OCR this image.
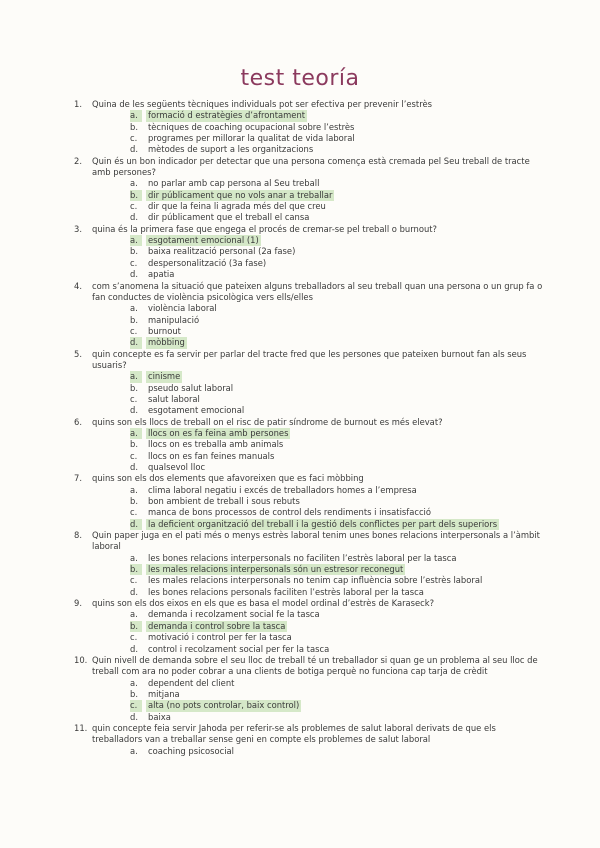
test teoría
1.	Quina de les següents tècniques individuals pot ser efectiva per prevenir l’estrès
a.	formació d estratègies d’afrontament
b.	tècniques de coaching ocupacional sobre l’estrès
c.	programes per millorar la qualitat de vida laboral
d.	mètodes de suport a les organitzacions
2.	Quin és un bon indicador per detectar que una persona comença està cremada pel Seu treball de tracte amb persones?
a.	no parlar amb cap persona al Seu treball
b.	dir públicament que no vols anar a treballar
c.	dir que la feina li agrada més del que creu
d.	dir públicament que el treball el cansa
3.	quina és la primera fase que engega el procés de cremar-se pel treball o burnout?
a.	esgotament emocional (1)
b.	baixa realització personal (2a fase)
c.	despersonalització (3a fase)
d.	apatia
4.	com s’anomena la situació que pateixen alguns treballadors al seu treball quan una persona o un grup fa o fan conductes de violència psicològica vers ells/elles
a.	violència laboral
b.	manipulació
c.	burnout
d.	mòbbing
5.	quin concepte es fa servir per parlar del tracte fred que les persones que pateixen burnout fan als seus usuaris?
a.	cinisme
b.	pseudo salut laboral
c.	salut laboral
d.	esgotament emocional
6.	quins son els llocs de treball on el risc de patir síndrome de burnout es més elevat?
a.	llocs on es fa feina amb persones
b.	llocs on es treballa amb animals
c.	llocs on es fan feines manuals
d.	qualsevol lloc
7.	quins son els dos elements que afavoreixen que es faci mòbbing
a.	clima laboral negatiu i excés de treballadors homes a l’empresa
b.	bon ambient de treball i sous rebuts
c.	manca de bons processos de control dels rendiments i insatisfacció
d.	la deficient organització del treball i la gestió dels conflictes per part dels superiors
8.	Quin paper juga en el pati més o menys estrès laboral tenim unes bones relacions interpersonals a l’àmbit laboral
a.	les bones relacions interpersonals no faciliten l’estrès laboral per la tasca
b.	les males relacions interpersonals són un estresor reconegut
c.	les males relacions interpersonals no tenim cap influència sobre l’estrès laboral
d.	les bones relacions personals faciliten l’estrès laboral per la tasca
9.	quins son els dos eixos en els que es basa el model ordinal d’estrès de Karaseck?
a.	demanda i recolzament social fe la tasca
b.	demanda i control sobre la tasca
c.	motivació i control per fer la tasca
d.	control i recolzament social per fer la tasca
10. Quin nivell de demanda sobre el seu lloc de treball té un treballador si quan ge un problema al seu lloc de treball com ara no poder cobrar a una clients de botiga perquè no funciona cap tarja de crèdit
a.	dependent del client
b.	mitjana
c.	alta (no pots controlar, baix control)
d.	baixa
11. quin concepte feia servir Jahoda per referir-se als problemes de salut laboral derivats de que els treballadors van a treballar sense geni en compte els problemes de salut laboral
a.	coaching psicosocial
